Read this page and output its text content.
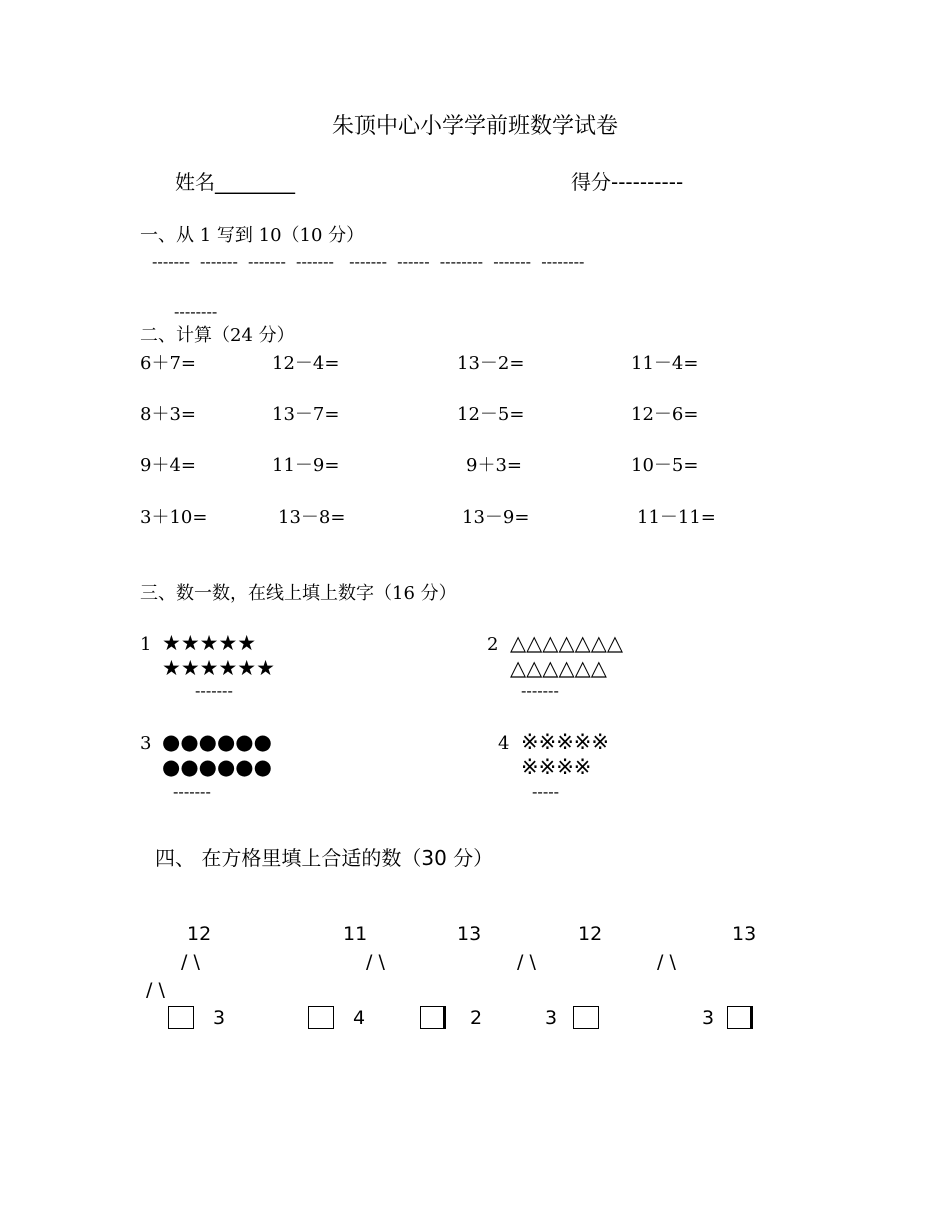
朱顶中心小学学前班数学试卷
姓名________	得分----------
一、从 1 写到 10（10 分）
-------  -------  -------  -------   -------  ------  --------  -------  --------
--------
二、计算（24 分）
6＋7=	12－4=	13－2=	11－4=
8＋3=	13－7=	12－5=	12－6=
9＋4=	11－9=	9＋3=	10－5=
3＋10=	13－8=	13－9=	11－11=
三、数一数，在线上填上数字（16 分）
1 ★★★★★
★★★★★★
-------
2 △△△△△△△
△△△△△△
-------
3 ●●●●●●
●●●●●●
-------
4 ※※※※※
※※※※
-----
四、 在方格里填上合适的数（30 分）
12	11	13	12	13
/ \	/ \	/ \	/ \
/ \
3	4	2	3	3
